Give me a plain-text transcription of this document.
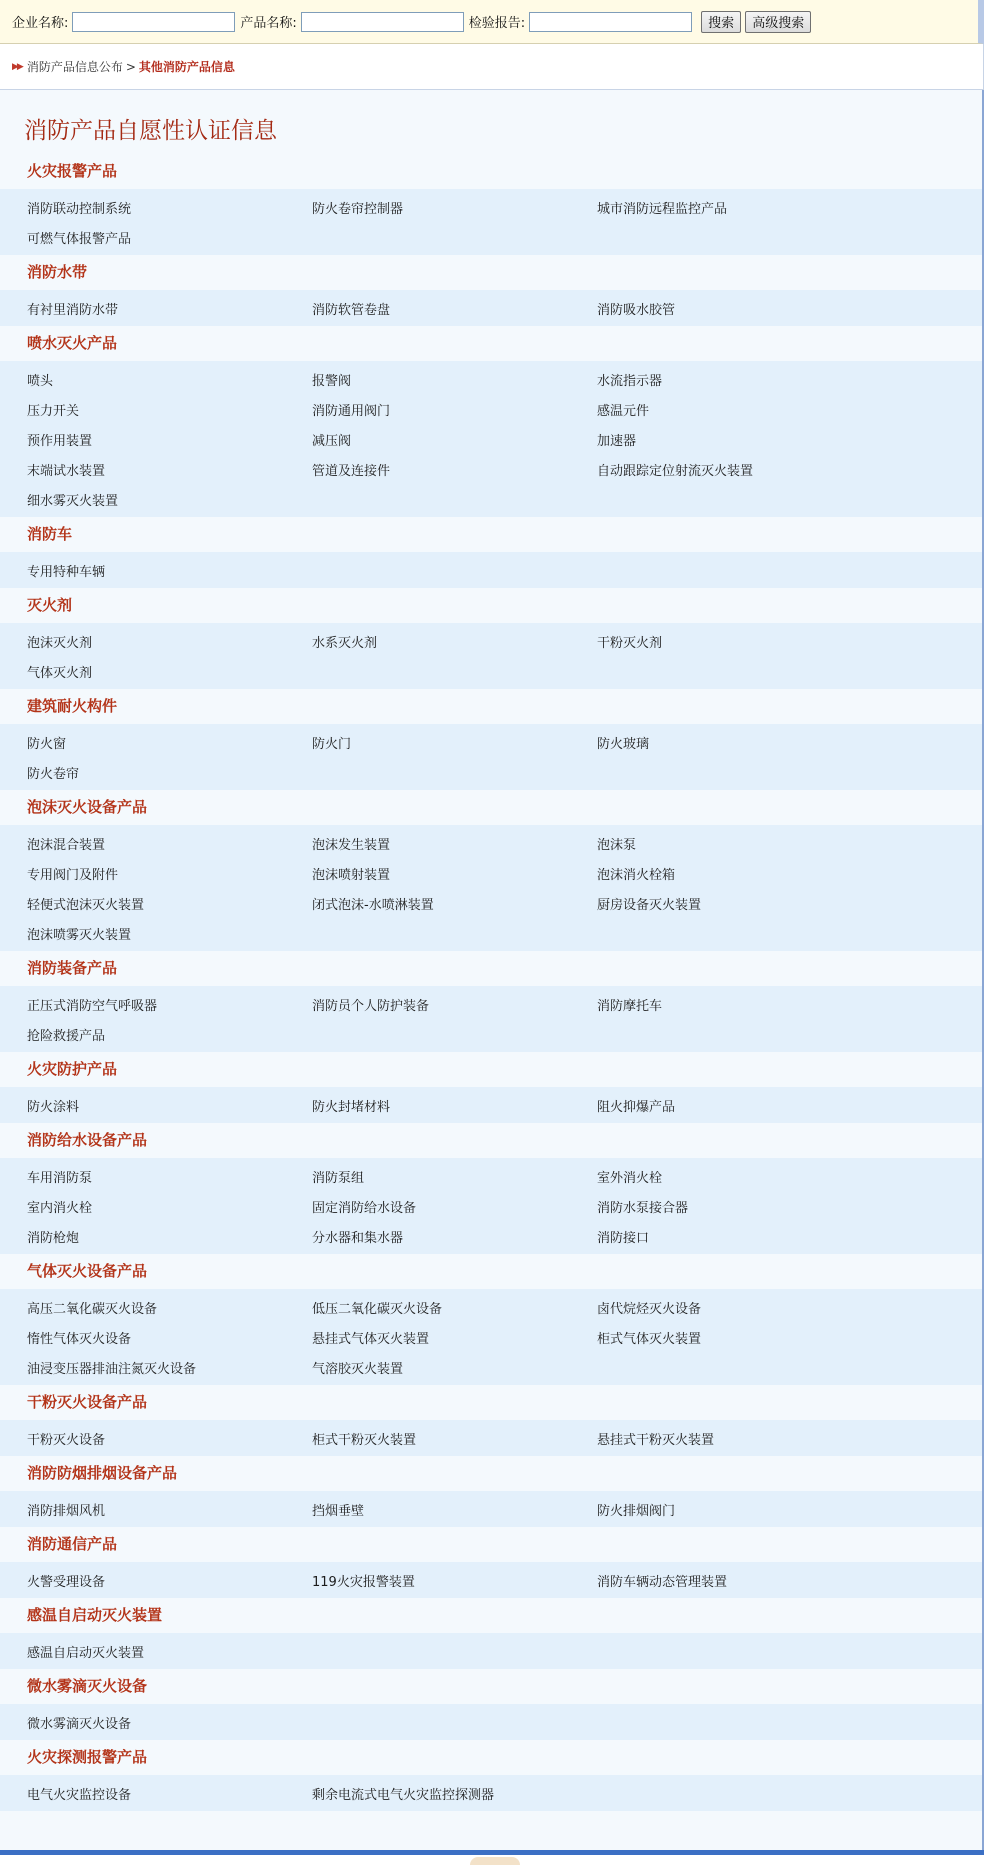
企业名称:	产品名称:	检验报告:	搜索	高级搜索
▶▶ 消防产品信息公布 > 其他消防产品信息
消防产品自愿性认证信息
火灾报警产品
消防联动控制系统	防火卷帘控制器	城市消防远程监控产品
可燃气体报警产品
消防水带
有衬里消防水带	消防软管卷盘	消防吸水胶管
喷水灭火产品
喷头	报警阀	水流指示器
压力开关	消防通用阀门	感温元件
预作用装置	减压阀	加速器
末端试水装置	管道及连接件	自动跟踪定位射流灭火装置
细水雾灭火装置
消防车
专用特种车辆
灭火剂
泡沫灭火剂	水系灭火剂	干粉灭火剂
气体灭火剂
建筑耐火构件
防火窗	防火门	防火玻璃
防火卷帘
泡沫灭火设备产品
泡沫混合装置	泡沫发生装置	泡沫泵
专用阀门及附件	泡沫喷射装置	泡沫消火栓箱
轻便式泡沫灭火装置	闭式泡沫-水喷淋装置	厨房设备灭火装置
泡沫喷雾灭火装置
消防装备产品
正压式消防空气呼吸器	消防员个人防护装备	消防摩托车
抢险救援产品
火灾防护产品
防火涂料	防火封堵材料	阻火抑爆产品
消防给水设备产品
车用消防泵	消防泵组	室外消火栓
室内消火栓	固定消防给水设备	消防水泵接合器
消防枪炮	分水器和集水器	消防接口
气体灭火设备产品
高压二氧化碳灭火设备	低压二氧化碳灭火设备	卤代烷烃灭火设备
惰性气体灭火设备	悬挂式气体灭火装置	柜式气体灭火装置
油浸变压器排油注氮灭火设备	气溶胶灭火装置
干粉灭火设备产品
干粉灭火设备	柜式干粉灭火装置	悬挂式干粉灭火装置
消防防烟排烟设备产品
消防排烟风机	挡烟垂壁	防火排烟阀门
消防通信产品
火警受理设备	119火灾报警装置	消防车辆动态管理装置
感温自启动灭火装置
感温自启动灭火装置
微水雾滴灭火设备
微水雾滴灭火设备
火灾探测报警产品
电气火灾监控设备	剩余电流式电气火灾监控探测器
